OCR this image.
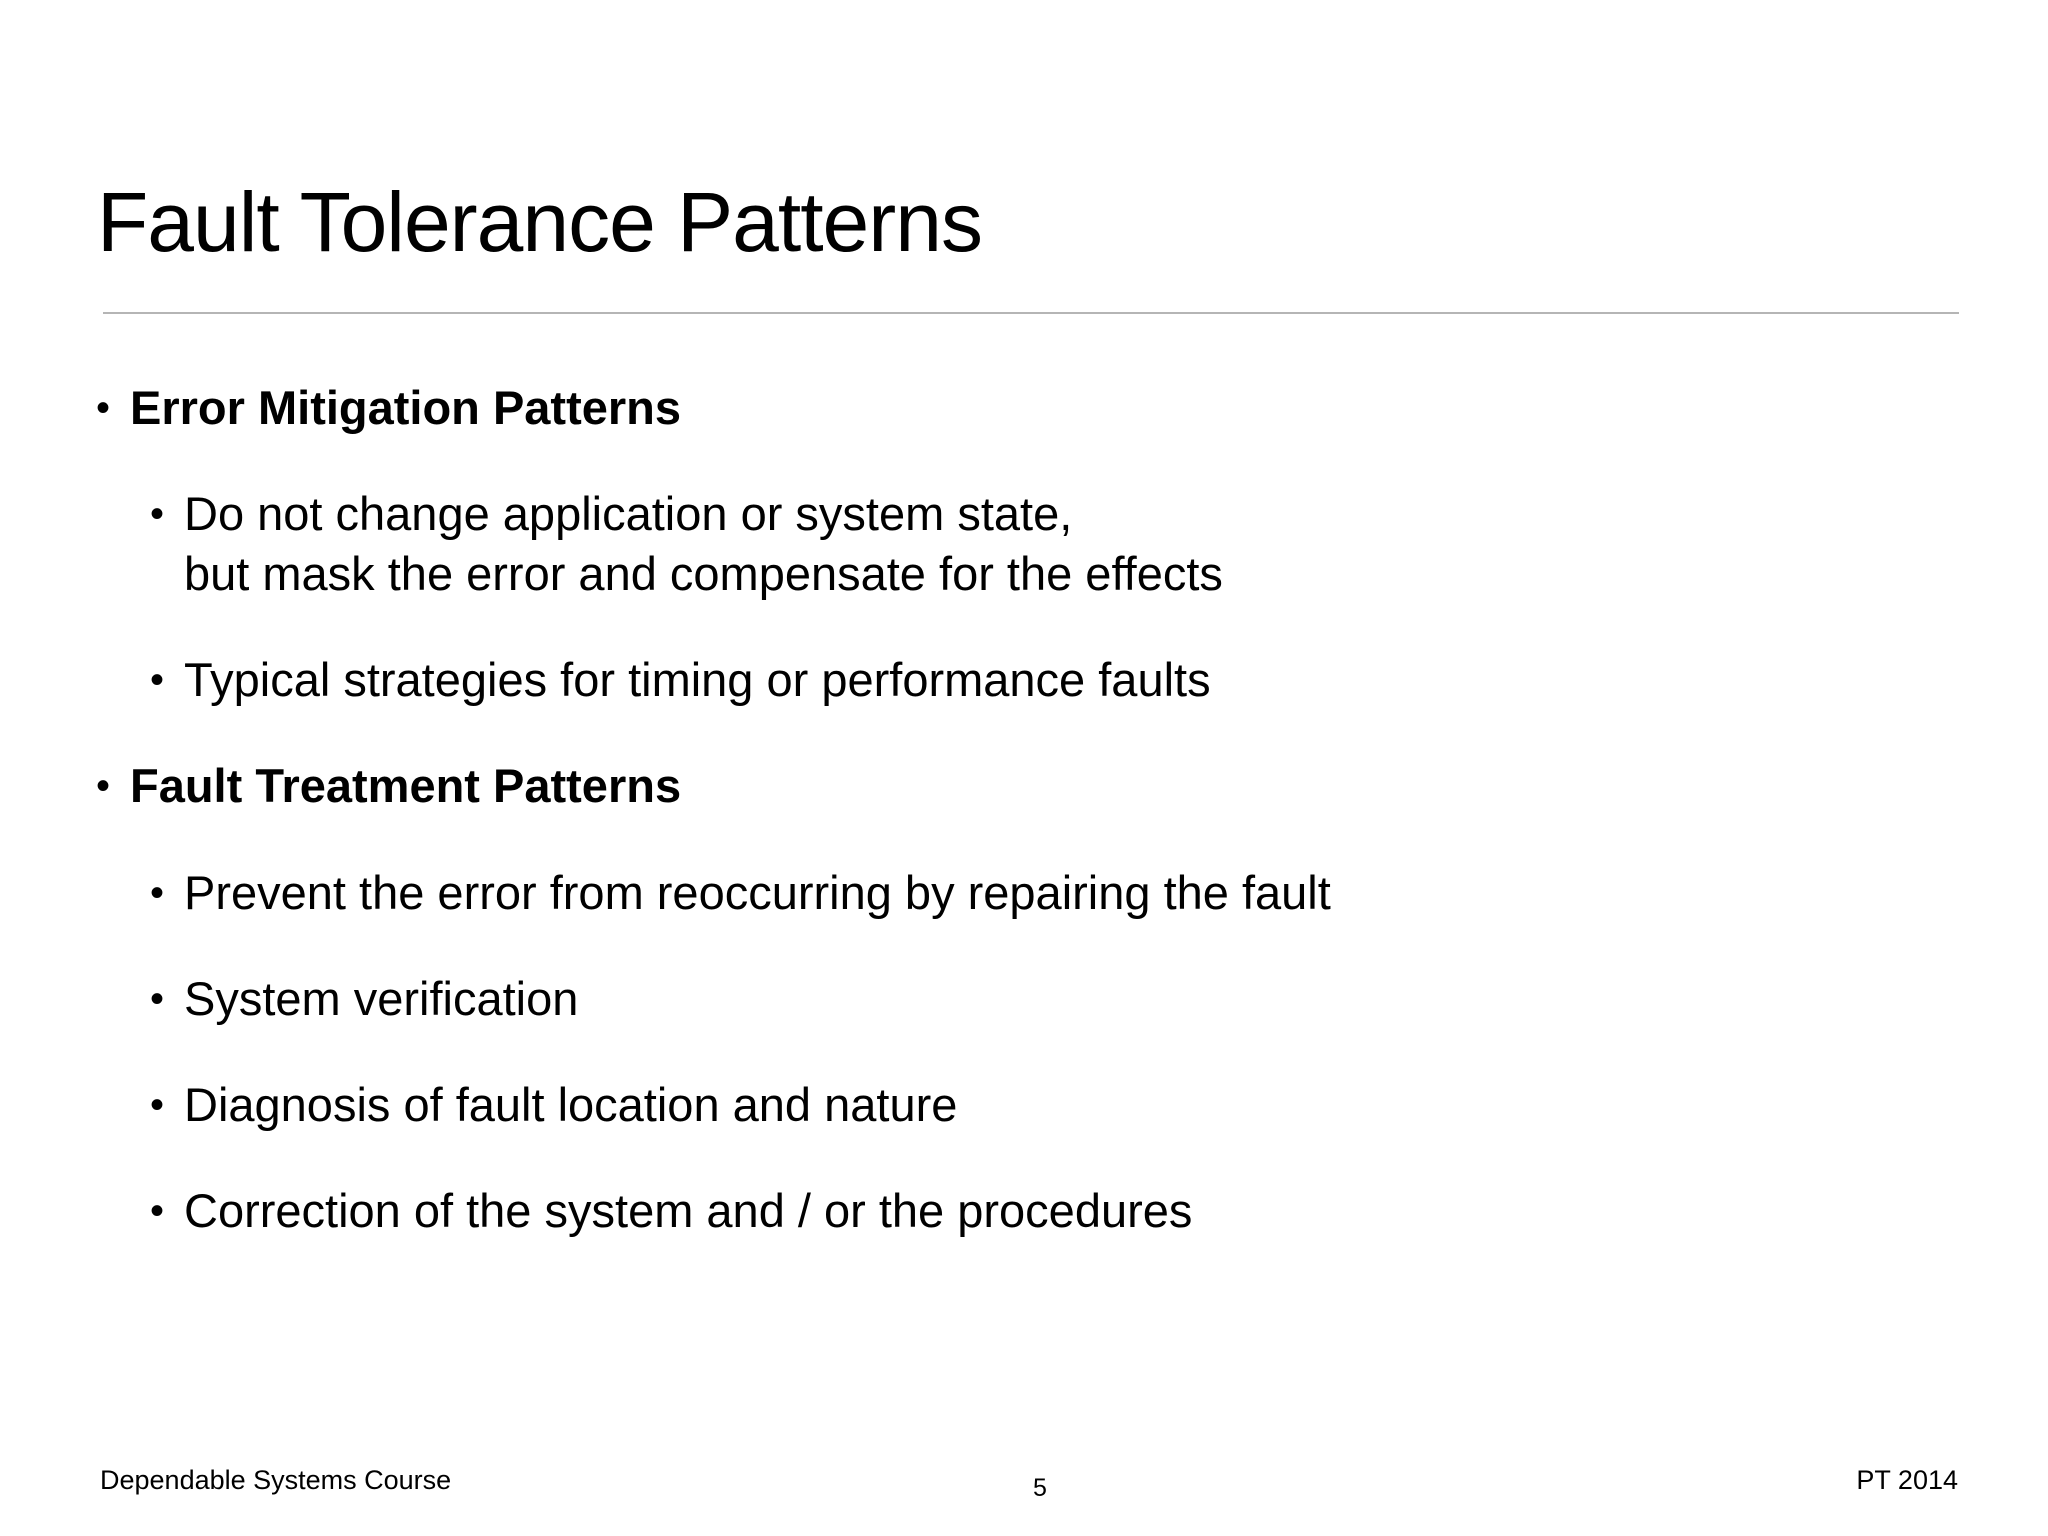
Fault Tolerance Patterns
• Error Mitigation Patterns
• Do not change application or system state,
but mask the error and compensate for the effects
• Typical strategies for timing or performance faults
• Fault Treatment Patterns
• Prevent the error from reoccurring by repairing the fault
• System verification
• Diagnosis of fault location and nature
• Correction of the system and / or the procedures
Dependable Systems Course	5	PT 2014
